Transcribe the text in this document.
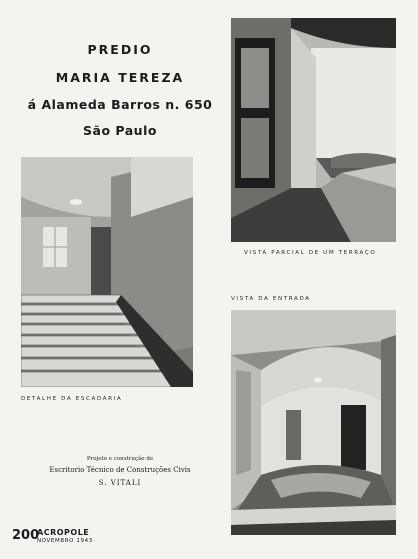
PREDIO
MARIA TEREZA
á Alameda Barros n. 650
São Paulo
VISTA PARCIAL DE UM TERRAÇO
DETALHE DA ESCADARIA
VISTA DA ENTRADA
Projeto e construção de
Escritorio Técnico de Construções Civis
S. VITALI
200
ACROPOLE
NOVEMBRO 1943
